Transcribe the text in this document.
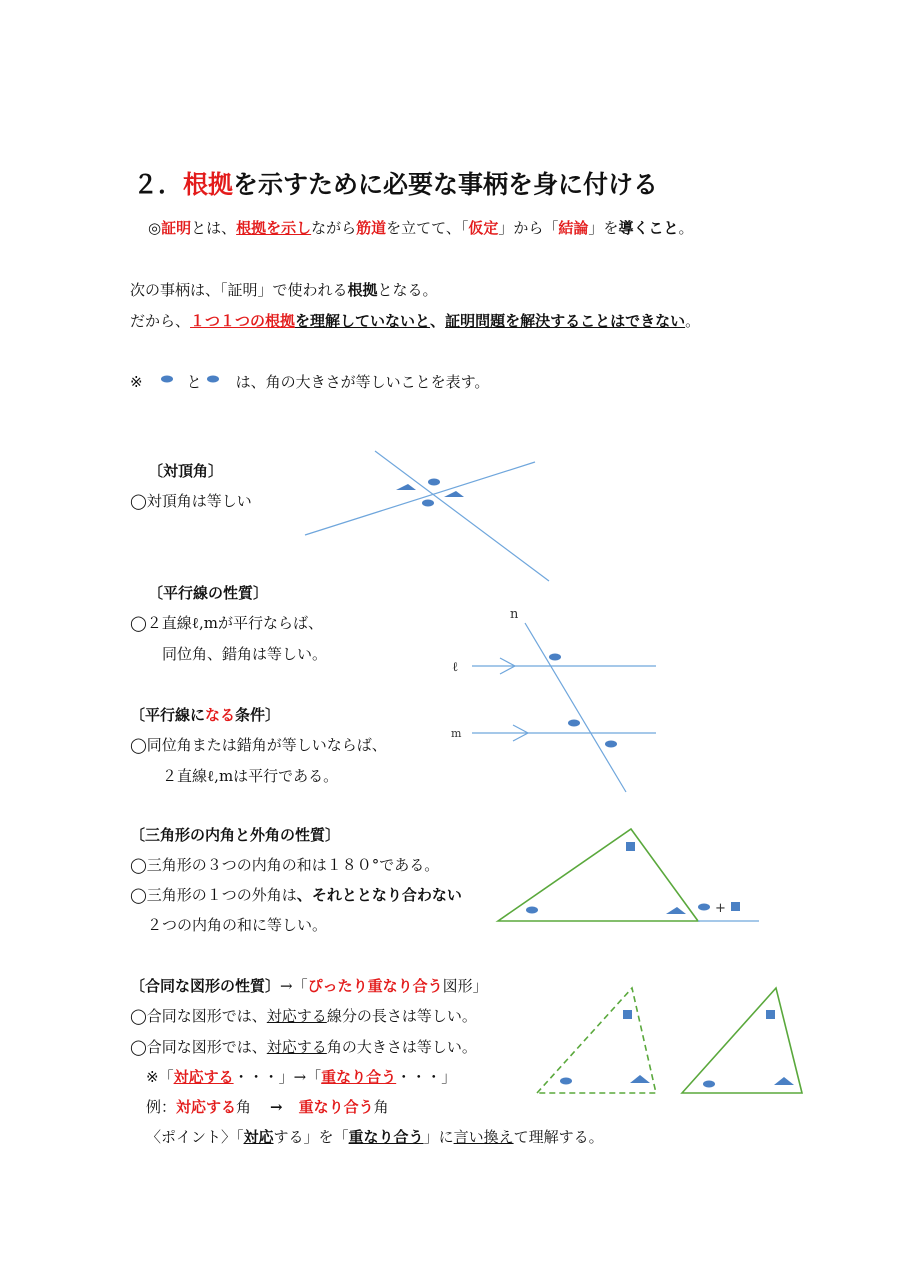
２．根拠を示すために必要な事柄を身に付ける
◎証明とは、根拠を示しながら筋道を立てて、「仮定」から「結論」を導くこと。
次の事柄は、「証明」で使われる根拠となる。
だから、１つ１つの根拠を理解していないと、証明問題を解決することはできない。
※	と は、角の大きさが等しいことを表す。
〔対頂角〕
◯対頂角は等しい
〔平行線の性質〕
◯２直線ℓ,mが平行ならば、
同位角、錯角は等しい。
〔平行線になる条件〕
◯同位角または錯角が等しいならば、
２直線ℓ,mは平行である。
n
ℓ
m
〔三角形の内角と外角の性質〕
◯三角形の３つの内角の和は１８０°である。
◯三角形の１つの外角は、それととなり合わない
２つの内角の和に等しい。
+
〔合同な図形の性質〕→「ぴったり重なり合う図形」
◯合同な図形では、対応する線分の長さは等しい。
◯合同な図形では、対応する角の大きさは等しい。
※「対応する・・・」→「重なり合う・・・」
例：対応する角　→ 重なり合う角
〈ポイント〉「対応する」を「重なり合う」に言い換えて理解する。
